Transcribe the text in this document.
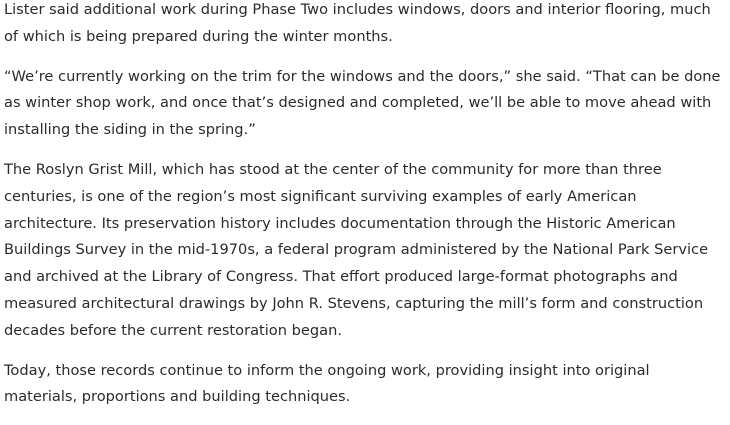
Lister said additional work during Phase Two includes windows, doors and interior flooring, much of which is being prepared during the winter months.

“We’re currently working on the trim for the windows and the doors,” she said. “That can be done as winter shop work, and once that’s designed and completed, we’ll be able to move ahead with installing the siding in the spring.”

The Roslyn Grist Mill, which has stood at the center of the community for more than three centuries, is one of the region’s most significant surviving examples of early American architecture. Its preservation history includes documentation through the Historic American Buildings Survey in the mid-1970s, a federal program administered by the National Park Service and archived at the Library of Congress. That effort produced large-format photographs and measured architectural drawings by John R. Stevens, capturing the mill’s form and construction decades before the current restoration began.

Today, those records continue to inform the ongoing work, providing insight into original materials, proportions and building techniques.
